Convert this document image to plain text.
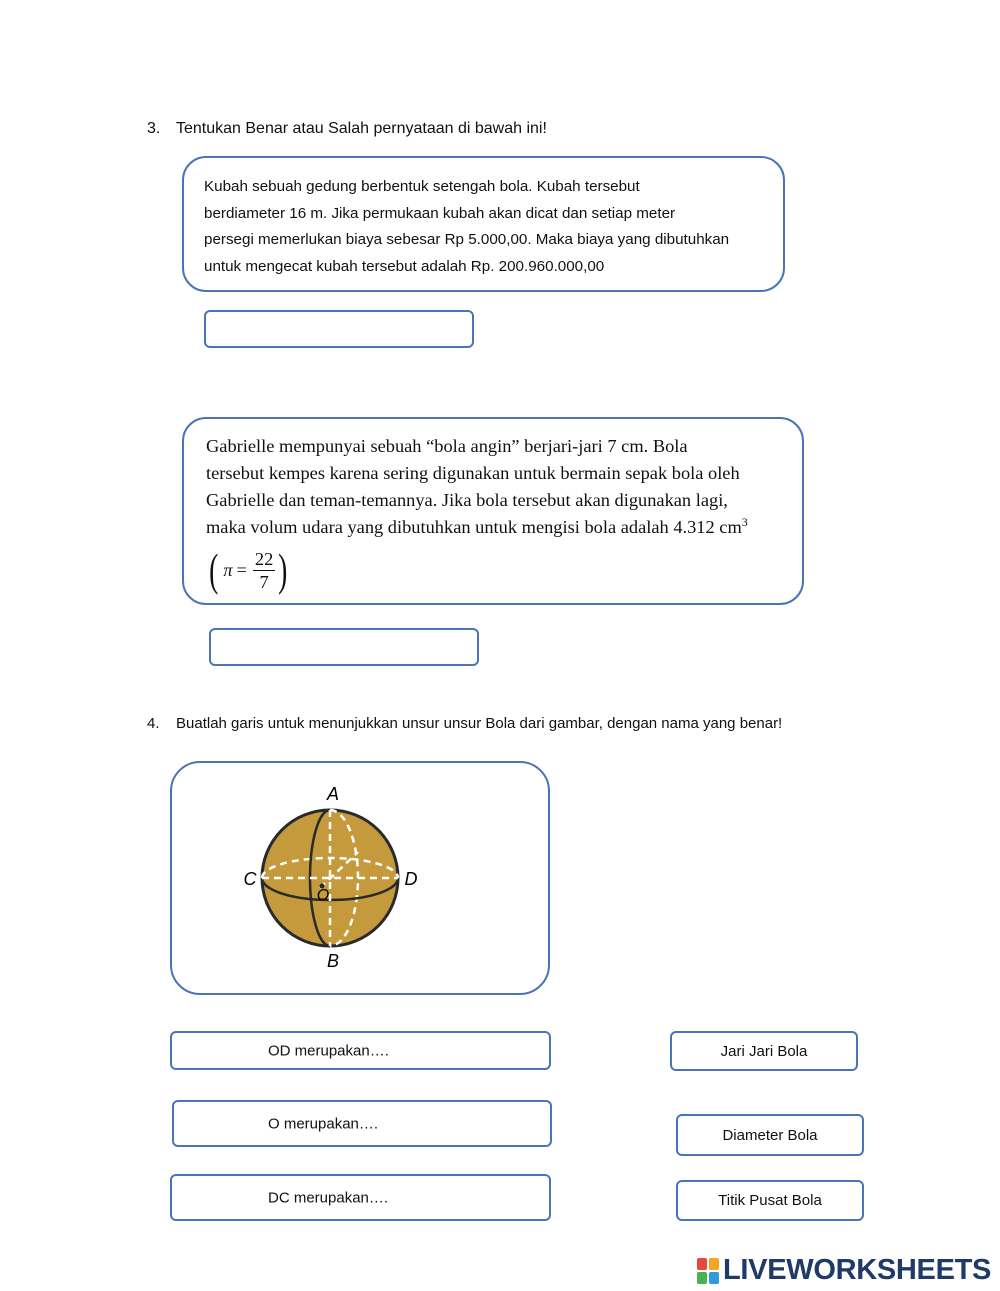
3. Tentukan Benar atau Salah pernyataan di bawah ini!
Kubah sebuah gedung berbentuk setengah bola. Kubah tersebut
berdiameter 16 m. Jika permukaan kubah akan dicat dan setiap meter
persegi memerlukan biaya sebesar Rp 5.000,00. Maka biaya yang dibutuhkan
untuk mengecat kubah tersebut adalah Rp. 200.960.000,00
Gabrielle mempunyai sebuah “bola angin” berjari-jari 7 cm. Bola
tersebut kempes karena sering digunakan untuk bermain sepak bola oleh
Gabrielle dan teman-temannya. Jika bola tersebut akan digunakan lagi,
maka volum udara yang dibutuhkan untuk mengisi bola adalah 4.312 $cm^3$
( $\pi = \frac{22}{7}$ )
4. Buatlah garis untuk menunjukkan unsur unsur Bola dari gambar, dengan nama yang benar!
A
B
C	D
O
OD merupakan….
O merupakan….
DC merupakan….
Jari Jari Bola
Diameter Bola
Titik Pusat Bola
LIVEWORKSHEETS
